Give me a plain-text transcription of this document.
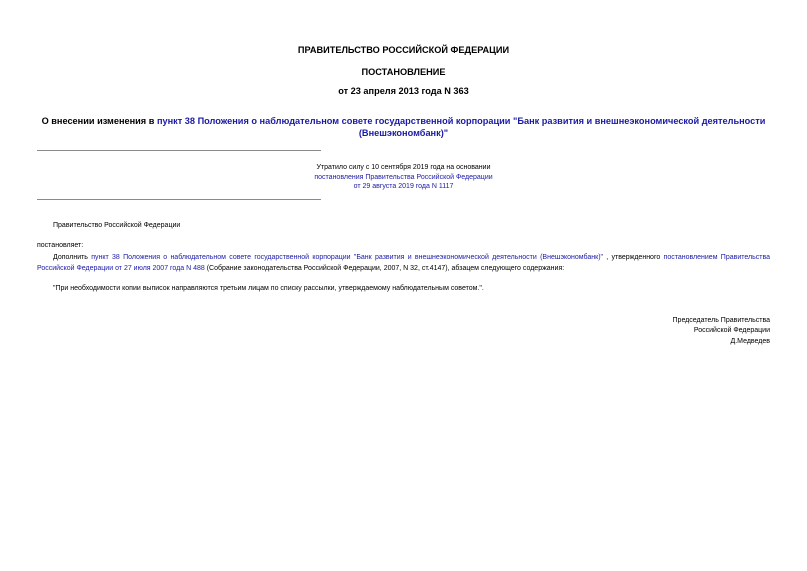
ПРАВИТЕЛЬСТВО РОССИЙСКОЙ ФЕДЕРАЦИИ
ПОСТАНОВЛЕНИЕ
от 23 апреля 2013 года N 363
О внесении изменения в пункт 38 Положения о наблюдательном совете государственной корпорации "Банк развития и внешнеэкономической деятельности (Внешэкономбанк)"
Утратило силу с 10 сентября 2019 года на основании
постановления Правительства Российской Федерации
от 29 августа 2019 года N 1117
Правительство Российской Федерации
постановляет:
Дополнить пункт 38 Положения о наблюдательном совете государственной корпорации "Банк развития и внешнеэкономической деятельности (Внешэкономбанк)" , утвержденного постановлением Правительства Российской Федерации от 27 июля 2007 года N 488 (Собрание законодательства Российской Федерации, 2007, N 32, ст.4147), абзацем следующего содержания:
"При необходимости копии выписок направляются третьим лицам по списку рассылки, утверждаемому наблюдательным советом.".
Председатель Правительства
Российской Федерации
Д.Медведев
